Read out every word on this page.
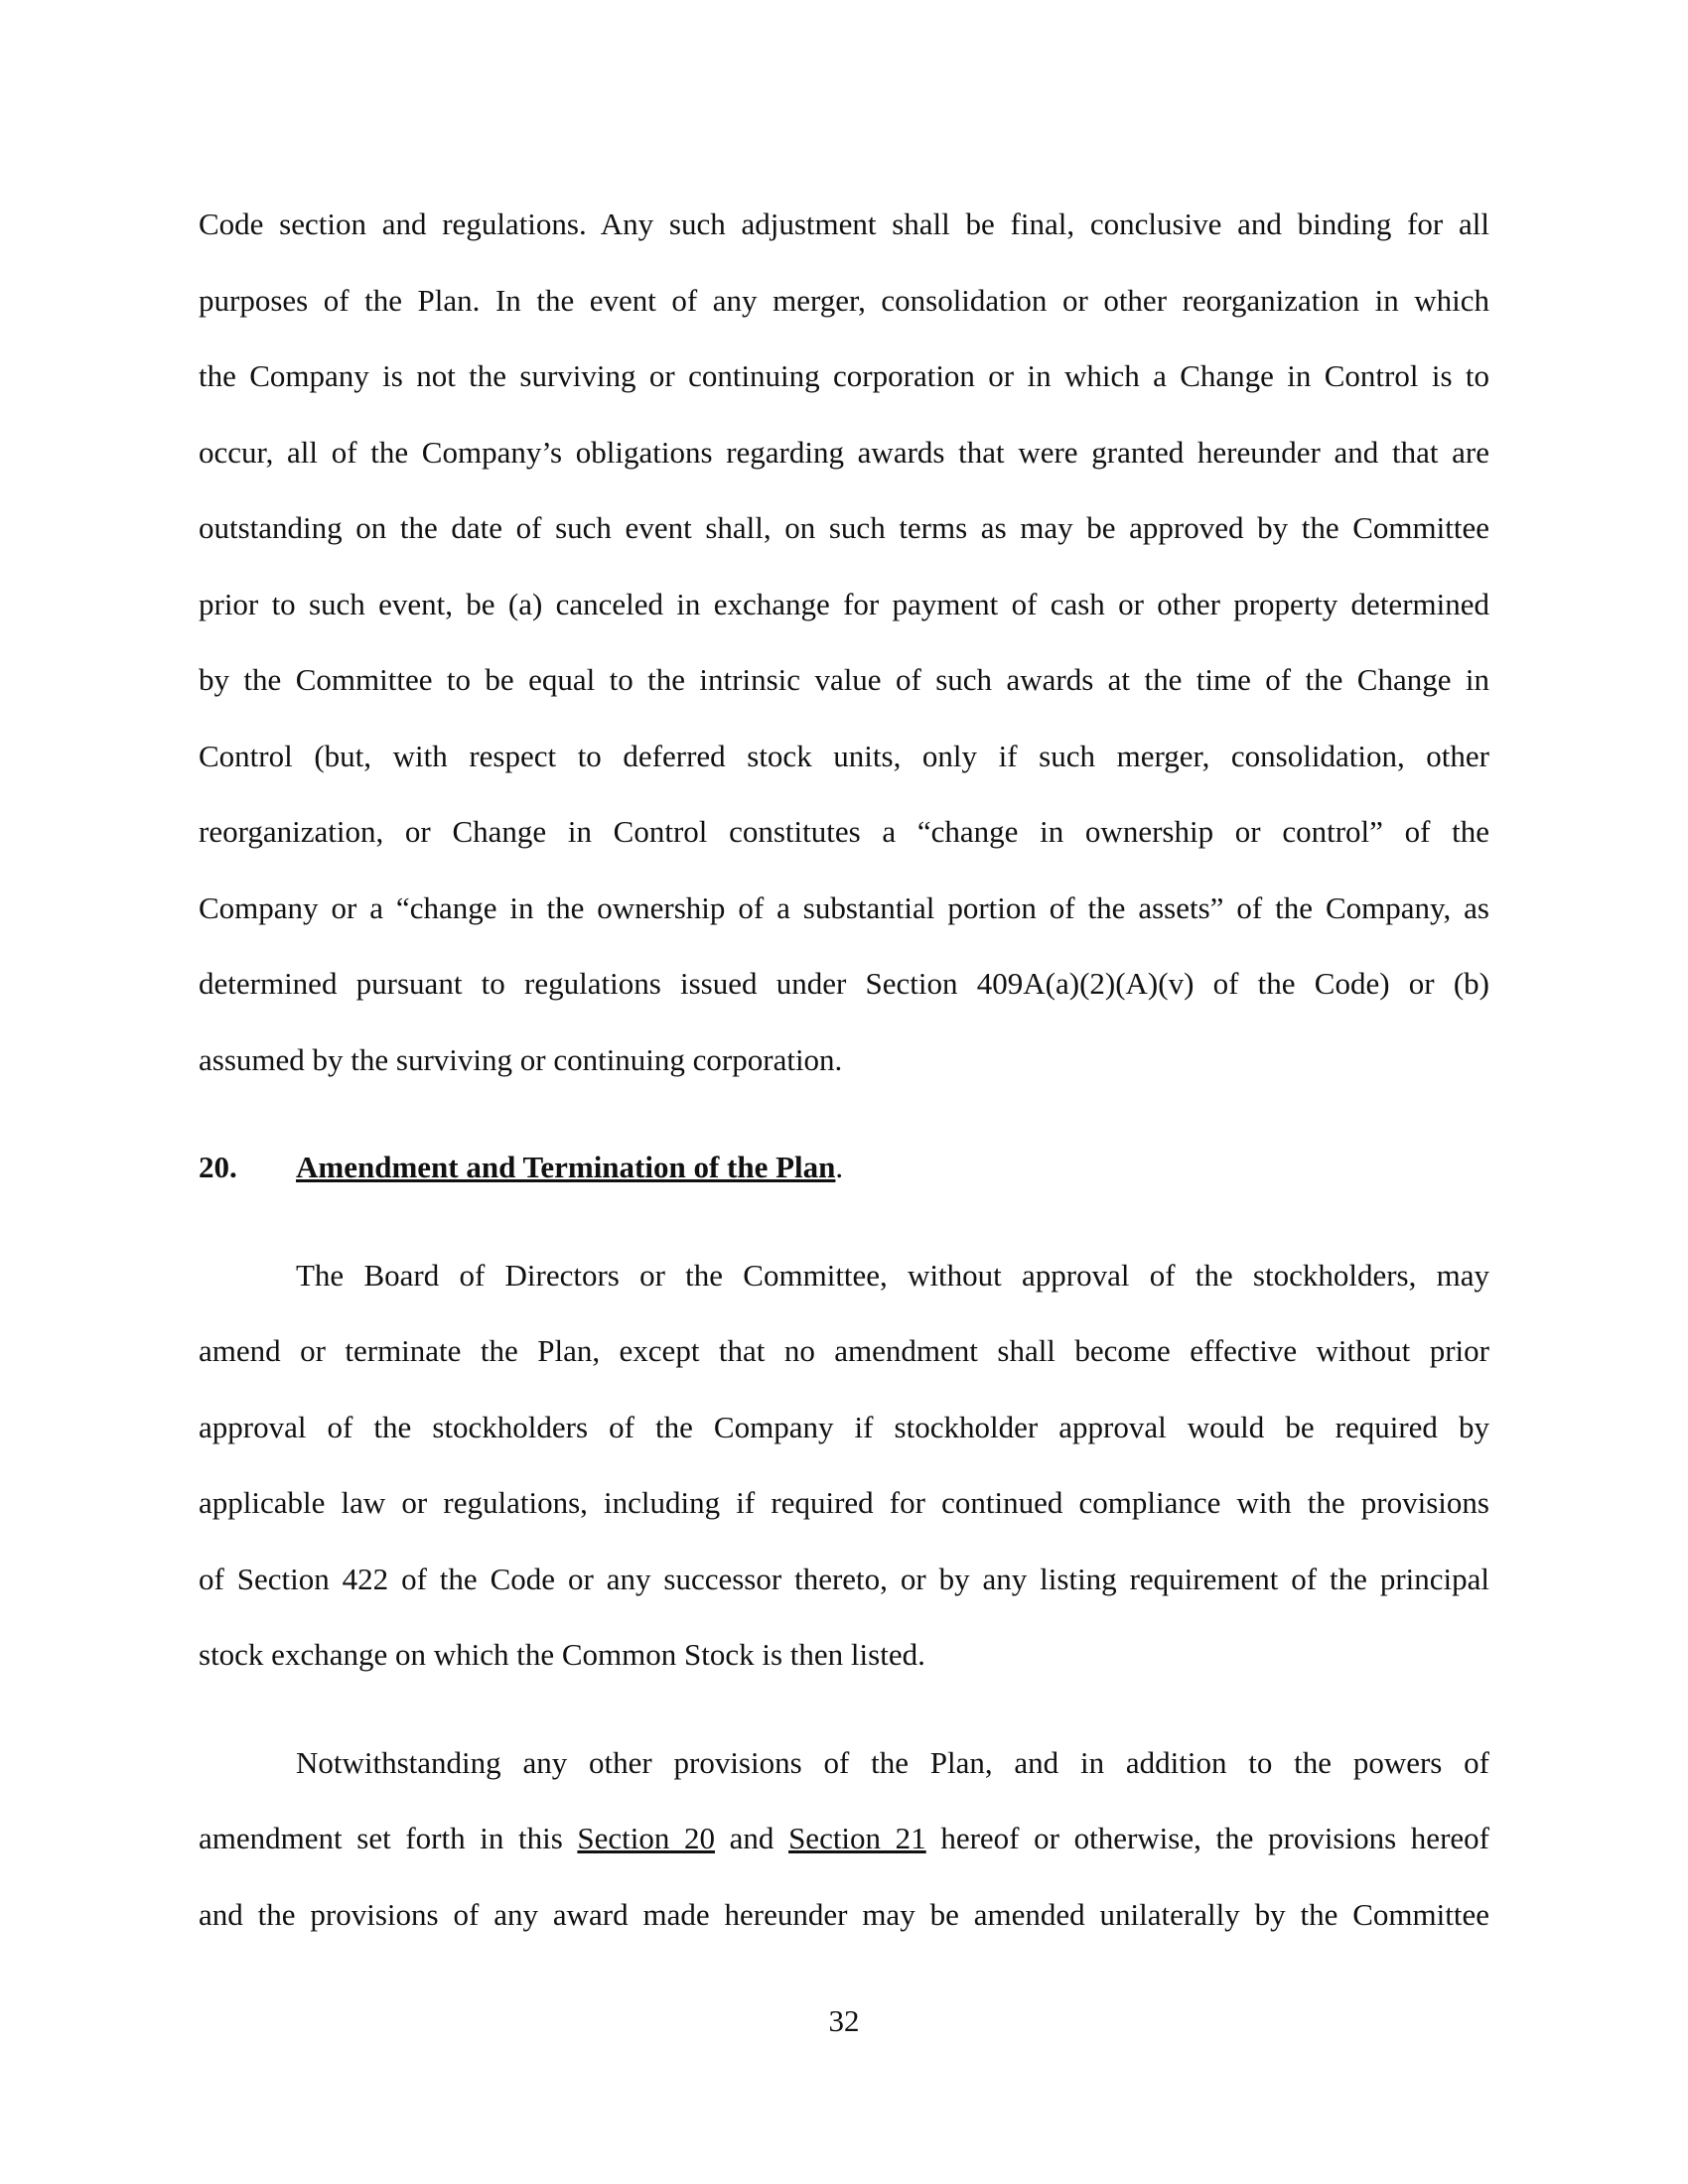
Code section and regulations. Any such adjustment shall be final, conclusive and binding for all
purposes of the Plan. In the event of any merger, consolidation or other reorganization in which
the Company is not the surviving or continuing corporation or in which a Change in Control is to
occur, all of the Company’s obligations regarding awards that were granted hereunder and that are
outstanding on the date of such event shall, on such terms as may be approved by the Committee
prior to such event, be (a) canceled in exchange for payment of cash or other property determined
by the Committee to be equal to the intrinsic value of such awards at the time of the Change in
Control (but, with respect to deferred stock units, only if such merger, consolidation, other
reorganization, or Change in Control constitutes a “change in ownership or control” of the
Company or a “change in the ownership of a substantial portion of the assets” of the Company, as
determined pursuant to regulations issued under Section 409A(a)(2)(A)(v) of the Code) or (b)
assumed by the surviving or continuing corporation.
20. Amendment and Termination of the Plan.
The Board of Directors or the Committee, without approval of the stockholders, may
amend or terminate the Plan, except that no amendment shall become effective without prior
approval of the stockholders of the Company if stockholder approval would be required by
applicable law or regulations, including if required for continued compliance with the provisions
of Section 422 of the Code or any successor thereto, or by any listing requirement of the principal
stock exchange on which the Common Stock is then listed.
Notwithstanding any other provisions of the Plan, and in addition to the powers of
amendment set forth in this Section 20 and Section 21 hereof or otherwise, the provisions hereof
and the provisions of any award made hereunder may be amended unilaterally by the Committee
32
